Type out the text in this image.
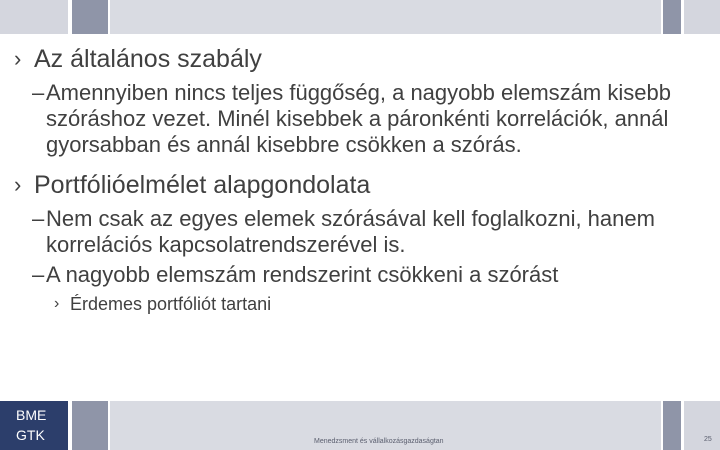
› Az általános szabály
– Amennyiben nincs teljes függőség, a nagyobb elemszám kisebb szóráshoz vezet. Minél kisebbek a páronkénti korrelációk, annál gyorsabban és annál kisebbre csökken a szórás.
› Portfólióelmélet alapgondolata
– Nem csak az egyes elemek szórásával kell foglalkozni, hanem korrelációs kapcsolatrendszerével is.
– A nagyobb elemszám rendszerint csökkeni a szórást
› Érdemes portfóliót tartani
BME
GTK	Menedzsment és vállalkozásgazdaságtan	25
